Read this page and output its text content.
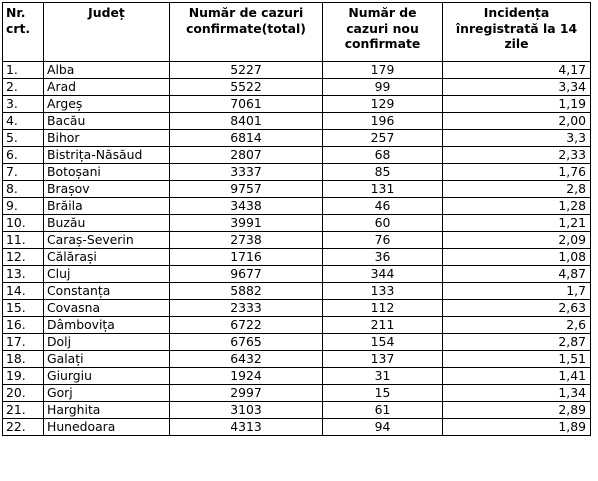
Nr. crt.	Județ	Număr de cazuri confirmate(total)	Număr de cazuri nou confirmate	Incidența înregistrată la 14 zile
1.	Alba	5227	179	4,17
2.	Arad	5522	99	3,34
3.	Argeș	7061	129	1,19
4.	Bacău	8401	196	2,00
5.	Bihor	6814	257	3,3
6.	Bistrița-Năsăud	2807	68	2,33
7.	Botoșani	3337	85	1,76
8.	Brașov	9757	131	2,8
9.	Brăila	3438	46	1,28
10.	Buzău	3991	60	1,21
11.	Caraș-Severin	2738	76	2,09
12.	Călărași	1716	36	1,08
13.	Cluj	9677	344	4,87
14.	Constanța	5882	133	1,7
15.	Covasna	2333	112	2,63
16.	Dâmbovița	6722	211	2,6
17.	Dolj	6765	154	2,87
18.	Galați	6432	137	1,51
19.	Giurgiu	1924	31	1,41
20.	Gorj	2997	15	1,34
21.	Harghita	3103	61	2,89
22.	Hunedoara	4313	94	1,89
